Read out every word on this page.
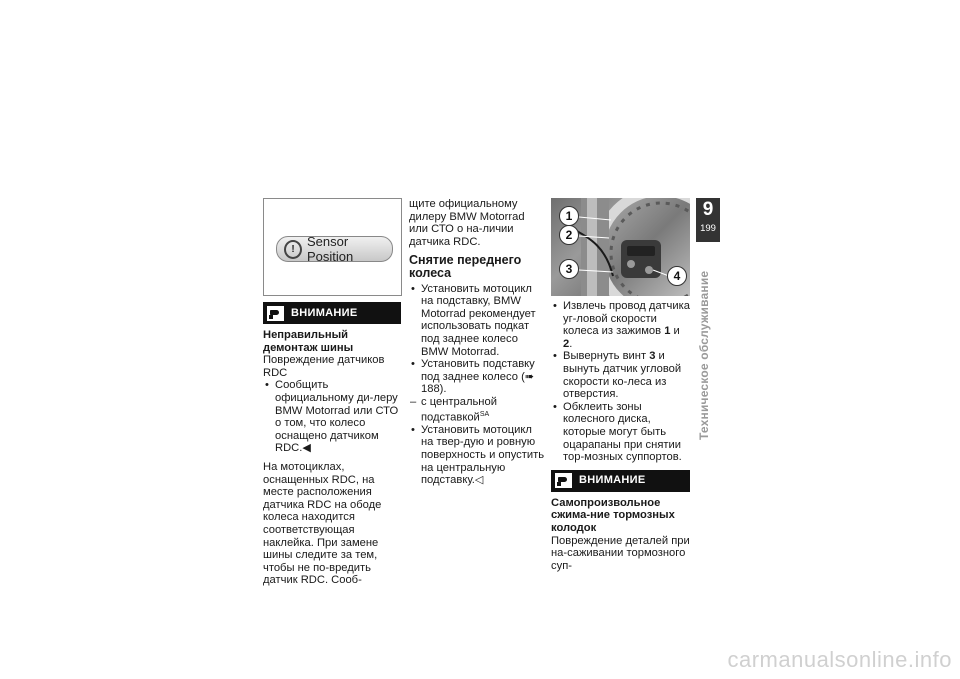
! Sensor Position
ВНИМАНИЕ

Неправильный демонтаж шины

Повреждение датчиков RDC

• Сообщить официальному ди-леру BMW Motorrad или СТО о том, что колесо оснащено датчиком RDC.◀

На мотоциклах, оснащенных RDC, на месте расположения датчика RDC на ободе колеса находится соответствующая наклейка. При замене шины следите за тем, чтобы не по-вредить датчик RDC. Сооб-

щите официальному дилеру BMW Motorrad или СТО о на-личии датчика RDC.

Снятие переднего колеса

• Установить мотоцикл на подставку, BMW Motorrad рекомендует использовать подкат под заднее колесо BMW Motorrad.

• Установить подставку под заднее колесо (➠ 188).

– с центральной подставкой$^{SA}$

• Установить мотоцикл на твер-дую и ровную поверхность и опустить на центральную подставку.◁

1
2
3	4

• Извлечь провод датчика уг-ловой скорости колеса из зажимов 1 и 2.

• Вывернуть винт 3 и вынуть датчик угловой скорости ко-леса из отверстия.

• Обклеить зоны колесного диска, которые могут быть оцарапаны при снятии тор-мозных суппортов.

ВНИМАНИЕ

Самопроизвольное сжима-ние тормозных колодок

Повреждение деталей при на-саживании тормозного суп-

9
199
Техническое обслуживание
carmanualsonline.info
